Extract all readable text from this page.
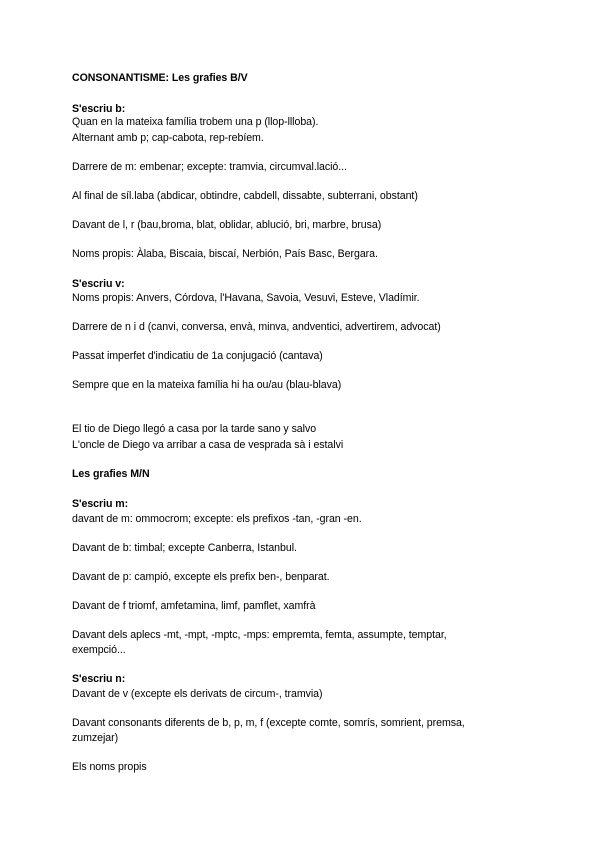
CONSONANTISME: Les grafies B/V
S'escriu b:
Quan en la mateixa família trobem una p (llop-llloba).
Alternant amb p; cap-cabota, rep-rebíem.
Darrere de m: embenar; excepte: tramvia, circumval.lació...
Al final de síl.laba (abdicar, obtindre, cabdell, dissabte, subterrani, obstant)
Davant de l, r (bau,broma, blat, oblidar, ablució, bri, marbre, brusa)
Noms propis: Àlaba, Biscaia, biscaí, Nerbión, País Basc, Bergara.
S'escriu v:
Noms propis: Anvers, Córdova, l'Havana, Savoia, Vesuvi, Esteve, Vladímir.
Darrere de n i d (canvi, conversa, envà, minva, andventici, advertirem, advocat)
Passat imperfet d'indicatiu de 1a conjugació (cantava)
Sempre que en la mateixa família hi ha ou/au (blau-blava)
El tio de Diego llegó a casa por la tarde sano y salvo
L'oncle de Diego va arribar a casa de vesprada sà i estalvi
Les grafies M/N
S'escriu m:
davant de m: ommocrom; excepte: els prefixos -tan, -gran -en.
Davant de b: timbal; excepte Canberra, Istanbul.
Davant de p: campió, excepte els prefix ben-, benparat.
Davant de f triomf, amfetamina, limf, pamflet, xamfrà
Davant dels aplecs -mt, -mpt, -mptc, -mps: empremta, femta, assumpte, temptar,
exempció...
S'escriu n:
Davant de v (excepte els derivats de circum-, tramvia)
Davant consonants diferents de b, p, m, f (excepte comte, somrís, somrient, premsa,
zumzejar)
Els noms propis
